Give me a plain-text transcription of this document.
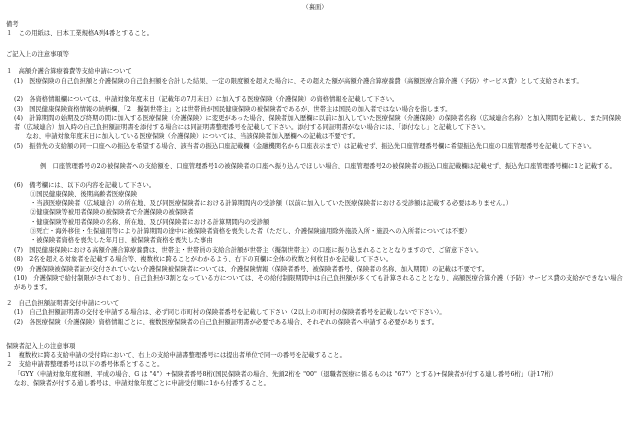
（裏面）
備考
１　この用紙は、日本工業規格A列4番とすること。
ご記入上の注意事項等
１　高額介護合算療養費等支給申請について
(1)　医療保険の自己負担額と介護保険の自己負担額を合計した結果、一定の限度額を超えた場合に、その超えた額が高額介護合算療養費（高額医療合算介護（予防）サービス費）として支給されます。
(2)　各資格情報欄については、申請対象年度末日（記載年の7月末日）に加入する医療保険（介護保険）の資格情報を記載して下さい。
(3)　国民健康保険資格情報の続柄欄、「2　擬制世帯主」とは世帯員が国民健康保険の被保険者であるが、世帯主は国民の加入者ではない場合を指します。
(4)　計算期間の始期及び終期の間に加入する医療保険（介護保険）に変更があった場合、保険者加入歴欄に以前に加入していた医療保険（介護保険）の保険者名称（広域連合名称）と加入期間を記載し、また同保険者（広域連合）加入時の自己負担額証明書を添付する場合には同証明書整理番号を記載して下さい。添付する同証明書がない場合には、「添付なし」と記載して下さい。
なお、申請対象年度末日に加入している医療保険（介護保険）については、当該保険者加入歴欄への記載は不要です。
(5)　振替先の支給額の同一口座への振込を希望する場合、該当者の振込口座記載欄（金融機関名から口座表示まで）は記載せず、振込先口座管理番号欄に希望振込先口座の口座管理番号を記載して下さい。
例　口座管理番号の2の被保険者への支給額を、口座管理番号1の被保険者の口座へ振り込んでほしい場合、口座管理番号2の被保険者の振込口座記載欄は記載せず、振込先口座管理番号欄に1と記載する。
(6)　備考欄には、以下の内容を記載して下さい。
①国民健康保険、後期高齢者医療保険
・当該医療保険者（広域連合）の所在地、及び同医療保険者における計算期間内の受診額（以前に加入していた医療保険者における受診額は記載する必要はありません。）
②健康保険等被用者保険の被保険者で介護保険の被保険者
・健康保険等被用者保険の名称、所在地、及び同保険者における計算期間内の受診額
③死亡・海外移住・生保適用等により計算期間の途中に被保険者資格を喪失した者（ただし、介護保険適用除外施設入所・施設への入所者については不要）
・被保険者資格を喪失した年月日、被保険者資格を喪失した事由
(7)　国民健康保険における高額介護合算療養費は、世帯主・世帯員の支給合計額が世帯主（擬制世帯主）の口座に振り込まれることとなりますので、ご留意下さい。
(8)　2名を超える対象者を記載する場合等、複数枚に跨ることがわかるよう、右下の頁欄に全体の枚数と何枚目かを記載して下さい。
(9)　介護保険被保険者証が交付されていない介護保険被保険者については、介護保険情報（保険者番号、被保険者番号、保険者の名称、加入期間）の記載は不要です。
(10)　介護保険で給付制限がされており、自己負担が3割となっている方については、その給付制限期間中は自己負担額が多くても計算されることとなり、高額医療合算介護（予防）サービス費の支給ができない場合があります。
２　自己負担額証明書交付申請について
(1)　自己負担額証明書の交付を申請する場合は、必ず同じ市町村の保険者番号を記載して下さい（2以上の市町村の保険者番号を記載しないで下さい）。
(2)　各医療保険（介護保険）資格情報ごとに、複数医療保険者の自己負担額証明書が必要である場合、それぞれの保険者へ申請する必要があります。
保険者記入上の注意事項
１　複数枚に跨る支給申請の受付時において、右上の支給申請書整理番号には提出者単位で同一の番号を記載すること。
２　支給申請書整理番号は以下の番号体系とすること。
「GYY（申請対象年度和暦、平成の場合、G は "4"）+保険者番号8桁(国民保険者の場合、先頭2桁を "00"（退職者医療に係るものは "67"）とする)+保険者が付する連し番号6桁」（計17桁）
なお、保険者が付する通し番号は、申請対象年度ごとに申請受付順に1から付番すること。
